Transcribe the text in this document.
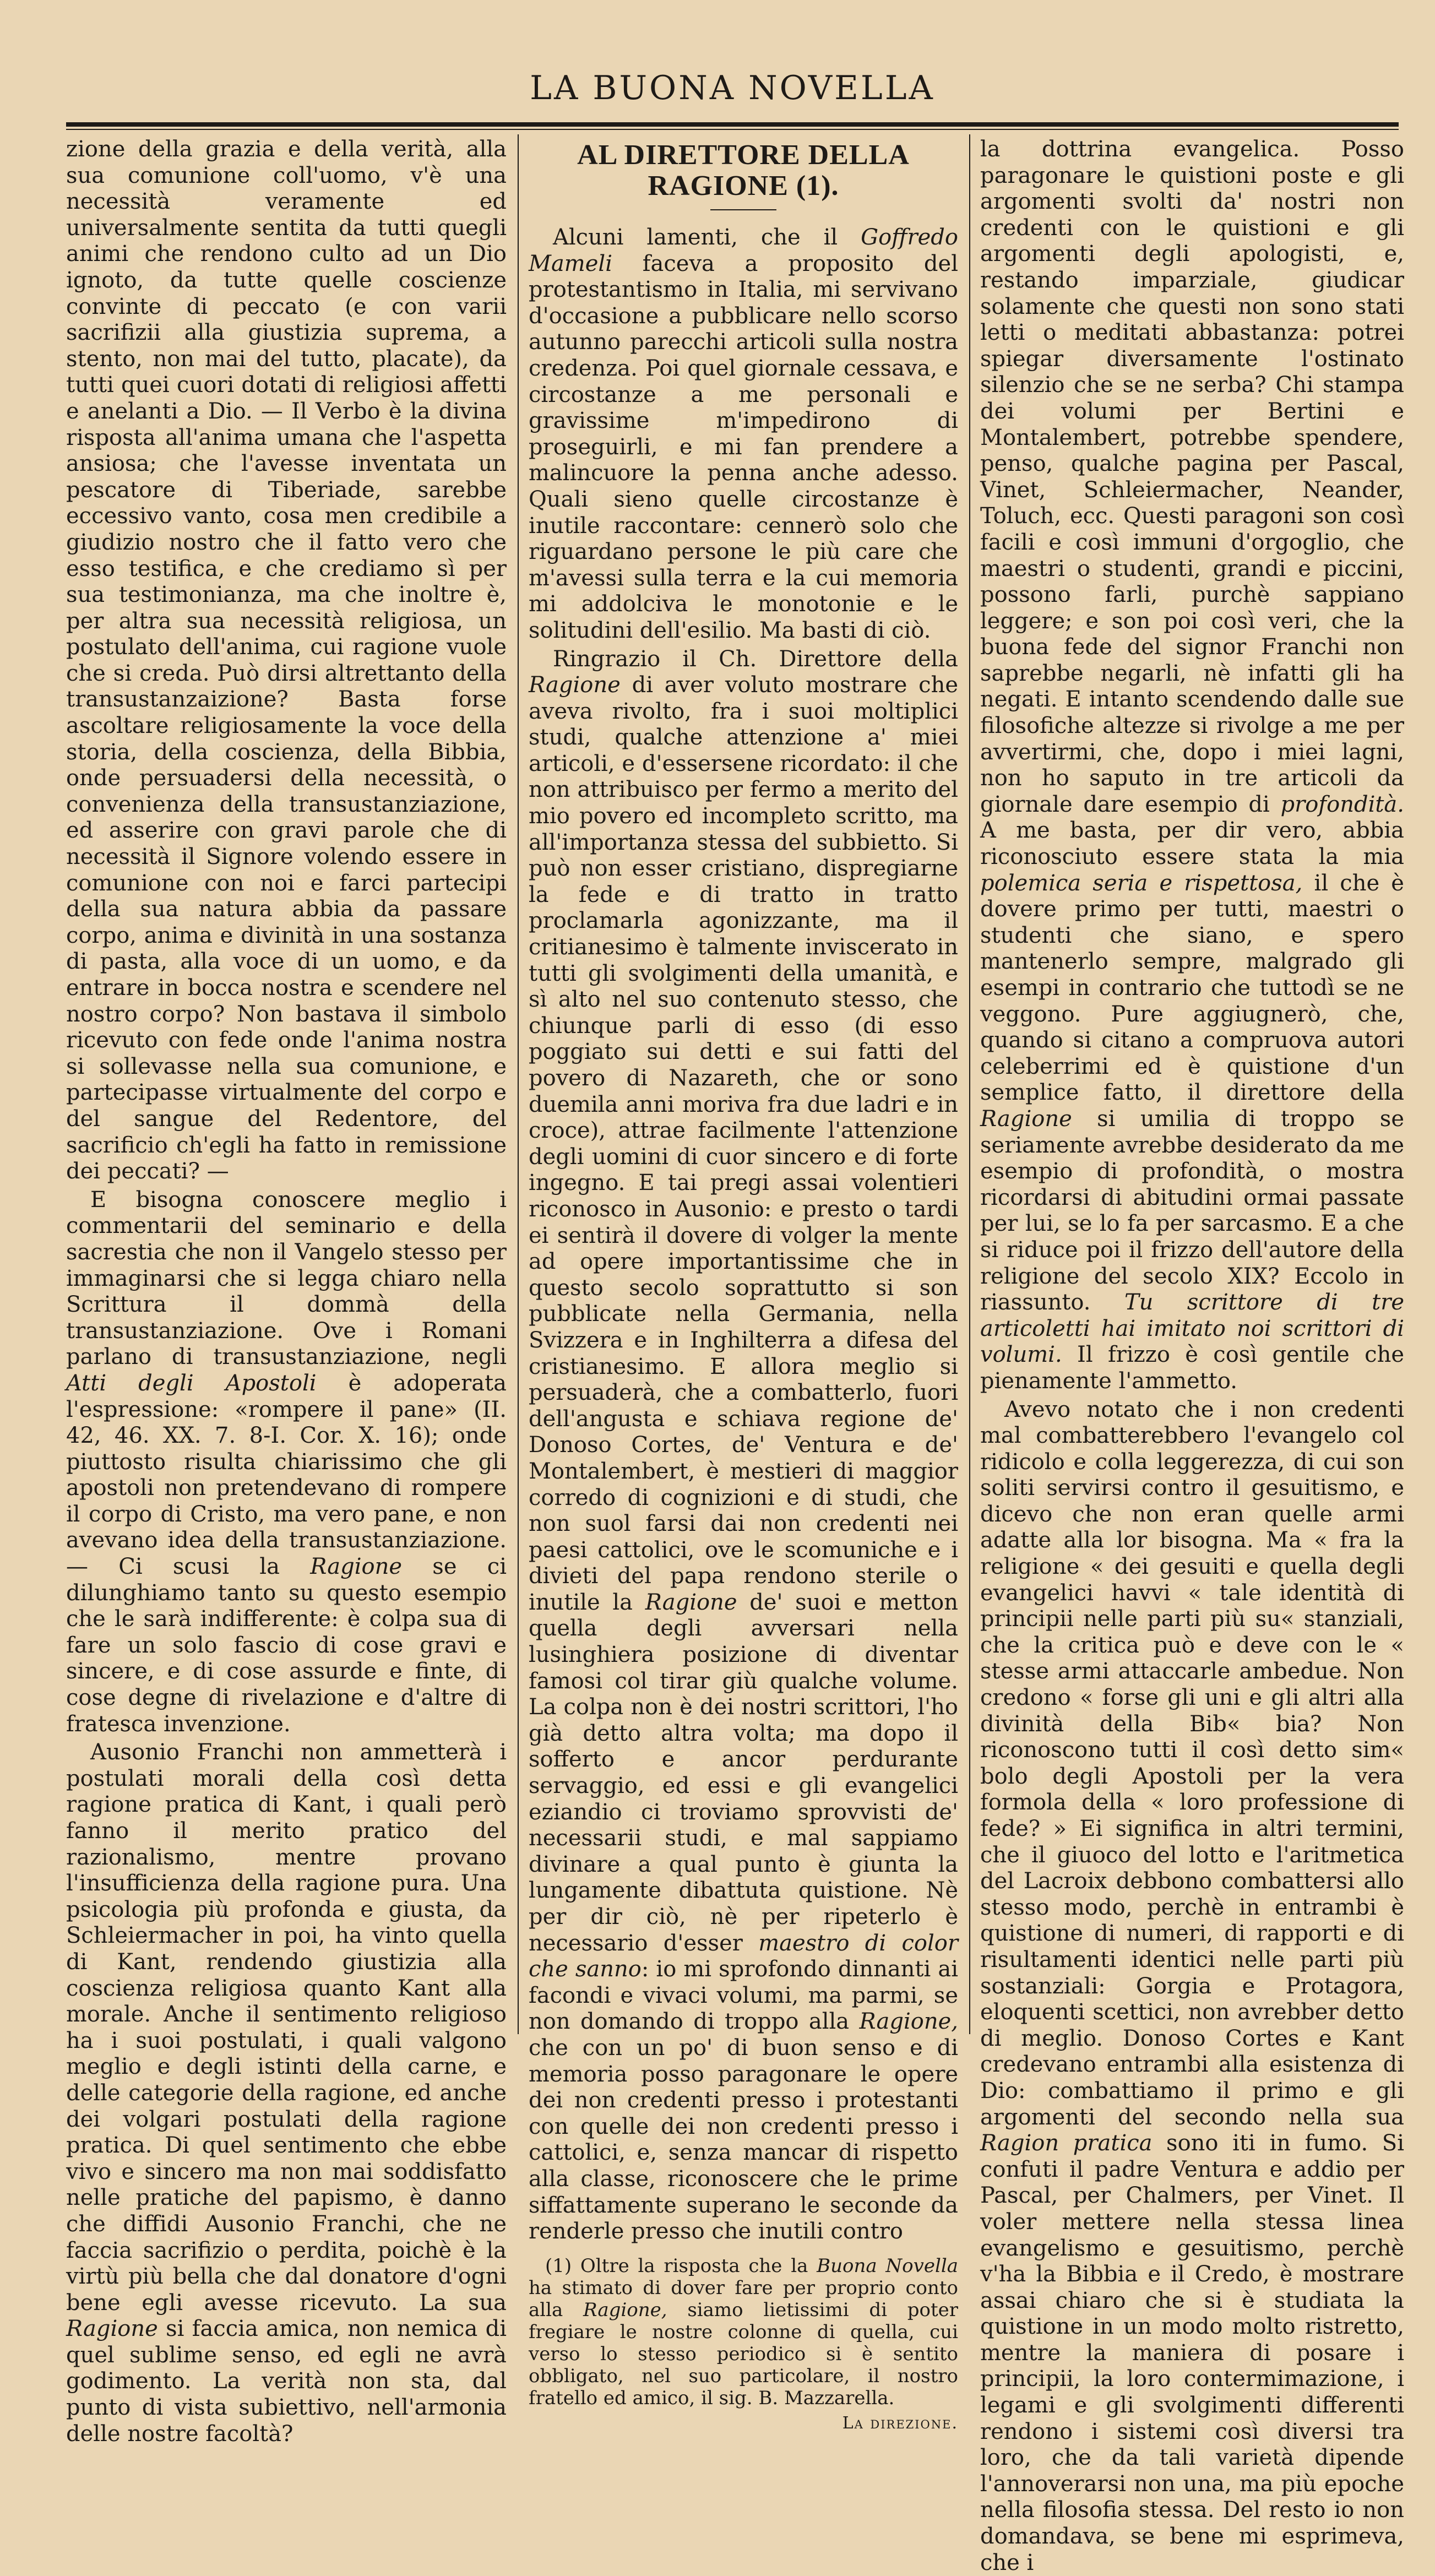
LA BUONA NOVELLA

zione della grazia e della verità, alla sua comunione coll'uomo, v'è una necessità veramente ed universalmente sentita da tutti quegli animi che rendono culto ad un Dio ignoto, da tutte quelle coscienze convinte di peccato (e con varii sacrifizii alla giustizia suprema, a stento, non mai del tutto, placate), da tutti quei cuori dotati di religiosi affetti e anelanti a Dio. — Il Verbo è la divina risposta all'anima umana che l'aspetta ansiosa; che l'avesse inventata un pescatore di Tiberiade, sarebbe eccessivo vanto, cosa men credibile a giudizio nostro che il fatto vero che esso testifica, e che crediamo sì per sua testimonianza, ma che inoltre è, per altra sua necessità religiosa, un postulato dell'anima, cui ragione vuole che si creda. Può dirsi altrettanto della transustanzaizione? Basta forse ascoltare religiosamente la voce della storia, della coscienza, della Bibbia, onde persuadersi della necessità, o convenienza della transustanziazione, ed asserire con gravi parole che di necessità il Signore volendo essere in comunione con noi e farci partecipi della sua natura abbia da passare corpo, anima e divinità in una sostanza di pasta, alla voce di un uomo, e da entrare in bocca nostra e scendere nel nostro corpo? Non bastava il simbolo ricevuto con fede onde l'anima nostra si sollevasse nella sua comunione, e partecipasse virtualmente del corpo e del sangue del Redentore, del sacrificio ch'egli ha fatto in remissione dei peccati? —

E bisogna conoscere meglio i commentarii del seminario e della sacrestia che non il Vangelo stesso per immaginarsi che si legga chiaro nella Scrittura il dommà della transustanziazione. Ove i Romani parlano di transustanziazione, negli Atti degli Apostoli è adoperata l'espressione: «rompere il pane» (II. 42, 46. XX. 7. 8-I. Cor. X. 16); onde piuttosto risulta chiarissimo che gli apostoli non pretendevano di rompere il corpo di Cristo, ma vero pane, e non avevano idea della transustanziazione. — Ci scusi la Ragione se ci dilunghiamo tanto su questo esempio che le sarà indifferente: è colpa sua di fare un solo fascio di cose gravi e sincere, e di cose assurde e finte, di cose degne di rivelazione e d'altre di fratesca invenzione.

Ausonio Franchi non ammetterà i postulati morali della così detta ragione pratica di Kant, i quali però fanno il merito pratico del razionalismo, mentre provano l'insufficienza della ragione pura. Una psicologia più profonda e giusta, da Schleiermacher in poi, ha vinto quella di Kant, rendendo giustizia alla coscienza religiosa quanto Kant alla morale. Anche il sentimento religioso ha i suoi postulati, i quali valgono meglio e degli istinti della carne, e delle categorie della ragione, ed anche dei volgari postulati della ragione pratica. Di quel sentimento che ebbe vivo e sincero ma non mai soddisfatto nelle pratiche del papismo, è danno che diffidi Ausonio Franchi, che ne faccia sacrifizio o perdita, poichè è la virtù più bella che dal donatore d'ogni bene egli avesse ricevuto. La sua Ragione si faccia amica, non nemica di quel sublime senso, ed egli ne avrà godimento. La verità non sta, dal punto di vista subiettivo, nell'armonia delle nostre facoltà?

AL DIRETTORE DELLA RAGIONE (1).

Alcuni lamenti, che il Goffredo Mameli faceva a proposito del protestantismo in Italia, mi servivano d'occasione a pubblicare nello scorso autunno parecchi articoli sulla nostra credenza. Poi quel giornale cessava, e circostanze a me personali e gravissime m'impedirono di proseguirli, e mi fan prendere a malincuore la penna anche adesso. Quali sieno quelle circostanze è inutile raccontare: cennerò solo che riguardano persone le più care che m'avessi sulla terra e la cui memoria mi addolciva le monotonie e le solitudini dell'esilio. Ma basti di ciò.

Ringrazio il Ch. Direttore della Ragione di aver voluto mostrare che aveva rivolto, fra i suoi moltiplici studi, qualche attenzione a' miei articoli, e d'essersene ricordato: il che non attribuisco per fermo a merito del mio povero ed incompleto scritto, ma all'importanza stessa del subbietto. Si può non esser cristiano, dispregiarne la fede e di tratto in tratto proclamarla agonizzante, ma il critianesimo è talmente inviscerato in tutti gli svolgimenti della umanità, e sì alto nel suo contenuto stesso, che chiunque parli di esso (di esso poggiato sui detti e sui fatti del povero di Nazareth, che or sono duemila anni moriva fra due ladri e in croce), attrae facilmente l'attenzione degli uomini di cuor sincero e di forte ingegno. E tai pregi assai volentieri riconosco in Ausonio: e presto o tardi ei sentirà il dovere di volger la mente ad opere importantissime che in questo secolo soprattutto si son pubblicate nella Germania, nella Svizzera e in Inghilterra a difesa del cristianesimo. E allora meglio si persuaderà, che a combatterlo, fuori dell'angusta e schiava regione de' Donoso Cortes, de' Ventura e de' Montalembert, è mestieri di maggior corredo di cognizioni e di studi, che non suol farsi dai non credenti nei paesi cattolici, ove le scomuniche e i divieti del papa rendono sterile o inutile la Ragione de' suoi e metton quella degli avversari nella lusinghiera posizione di diventar famosi col tirar giù qualche volume. La colpa non è dei nostri scrittori, l'ho già detto altra volta; ma dopo il sofferto e ancor perdurante servaggio, ed essi e gli evangelici eziandio ci troviamo sprovvisti de' necessarii studi, e mal sappiamo divinare a qual punto è giunta la lungamente dibattuta quistione. Nè per dir ciò, nè per ripeterlo è necessario d'esser maestro di color che sanno: io mi sprofondo dinnanti ai facondi e vivaci volumi, ma parmi, se non domando di troppo alla Ragione, che con un po' di buon senso e di memoria posso paragonare le opere dei non credenti presso i protestanti con quelle dei non credenti presso i cattolici, e, senza mancar di rispetto alla classe, riconoscere che le prime siffattamente superano le seconde da renderle presso che inutili contro

(1) Oltre la risposta che la Buona Novella ha stimato di dover fare per proprio conto alla Ragione, siamo lietissimi di poter fregiare le nostre colonne di quella, cui verso lo stesso periodico si è sentito obbligato, nel suo particolare, il nostro fratello ed amico, il sig. B. Mazzarella.

La direzione.

la dottrina evangelica. Posso paragonare le quistioni poste e gli argomenti svolti da' nostri non credenti con le quistioni e gli argomenti degli apologisti, e, restando imparziale, giudicar solamente che questi non sono stati letti o meditati abbastanza: potrei spiegar diversamente l'ostinato silenzio che se ne serba? Chi stampa dei volumi per Bertini e Montalembert, potrebbe spendere, penso, qualche pagina per Pascal, Vinet, Schleiermacher, Neander, Toluch, ecc. Questi paragoni son così facili e così immuni d'orgoglio, che maestri o studenti, grandi e piccini, possono farli, purchè sappiano leggere; e son poi così veri, che la buona fede del signor Franchi non saprebbe negarli, nè infatti gli ha negati. E intanto scendendo dalle sue filosofiche altezze si rivolge a me per avvertirmi, che, dopo i miei lagni, non ho saputo in tre articoli da giornale dare esempio di profondità. A me basta, per dir vero, abbia riconosciuto essere stata la mia polemica seria e rispettosa, il che è dovere primo per tutti, maestri o studenti che siano, e spero mantenerlo sempre, malgrado gli esempi in contrario che tuttodì se ne veggono. Pure aggiugnerò, che, quando si citano a compruova autori celeberrimi ed è quistione d'un semplice fatto, il direttore della Ragione si umilia di troppo se seriamente avrebbe desiderato da me esempio di profondità, o mostra ricordarsi di abitudini ormai passate per lui, se lo fa per sarcasmo. E a che si riduce poi il frizzo dell'autore della religione del secolo XIX? Eccolo in riassunto. Tu scrittore di tre articoletti hai imitato noi scrittori di volumi. Il frizzo è così gentile che pienamente l'ammetto.

Avevo notato che i non credenti mal combatterebbero l'evangelo col ridicolo e colla leggerezza, di cui son soliti servirsi contro il gesuitismo, e dicevo che non eran quelle armi adatte alla lor bisogna. Ma « fra la religione « dei gesuiti e quella degli evangelici havvi « tale identità di principii nelle parti più su« stanziali, che la critica può e deve con le « stesse armi attaccarle ambedue. Non credono « forse gli uni e gli altri alla divinità della Bib« bia? Non riconoscono tutti il così detto sim« bolo degli Apostoli per la vera formola della « loro professione di fede? » Ei significa in altri termini, che il giuoco del lotto e l'aritmetica del Lacroix debbono combattersi allo stesso modo, perchè in entrambi è quistione di numeri, di rapporti e di risultamenti identici nelle parti più sostanziali: Gorgia e Protagora, eloquenti scettici, non avrebber detto di meglio. Donoso Cortes e Kant credevano entrambi alla esistenza di Dio: combattiamo il primo e gli argomenti del secondo nella sua Ragion pratica sono iti in fumo. Si confuti il padre Ventura e addio per Pascal, per Chalmers, per Vinet. Il voler mettere nella stessa linea evangelismo e gesuitismo, perchè v'ha la Bibbia e il Credo, è mostrare assai chiaro che si è studiata la quistione in un modo molto ristretto, mentre la maniera di posare i principii, la loro contermimazione, i legami e gli svolgimenti differenti rendono i sistemi così diversi tra loro, che da tali varietà dipende l'annoverarsi non una, ma più epoche nella filosofia stessa. Del resto io non domandava, se bene mi esprimeva, che i
